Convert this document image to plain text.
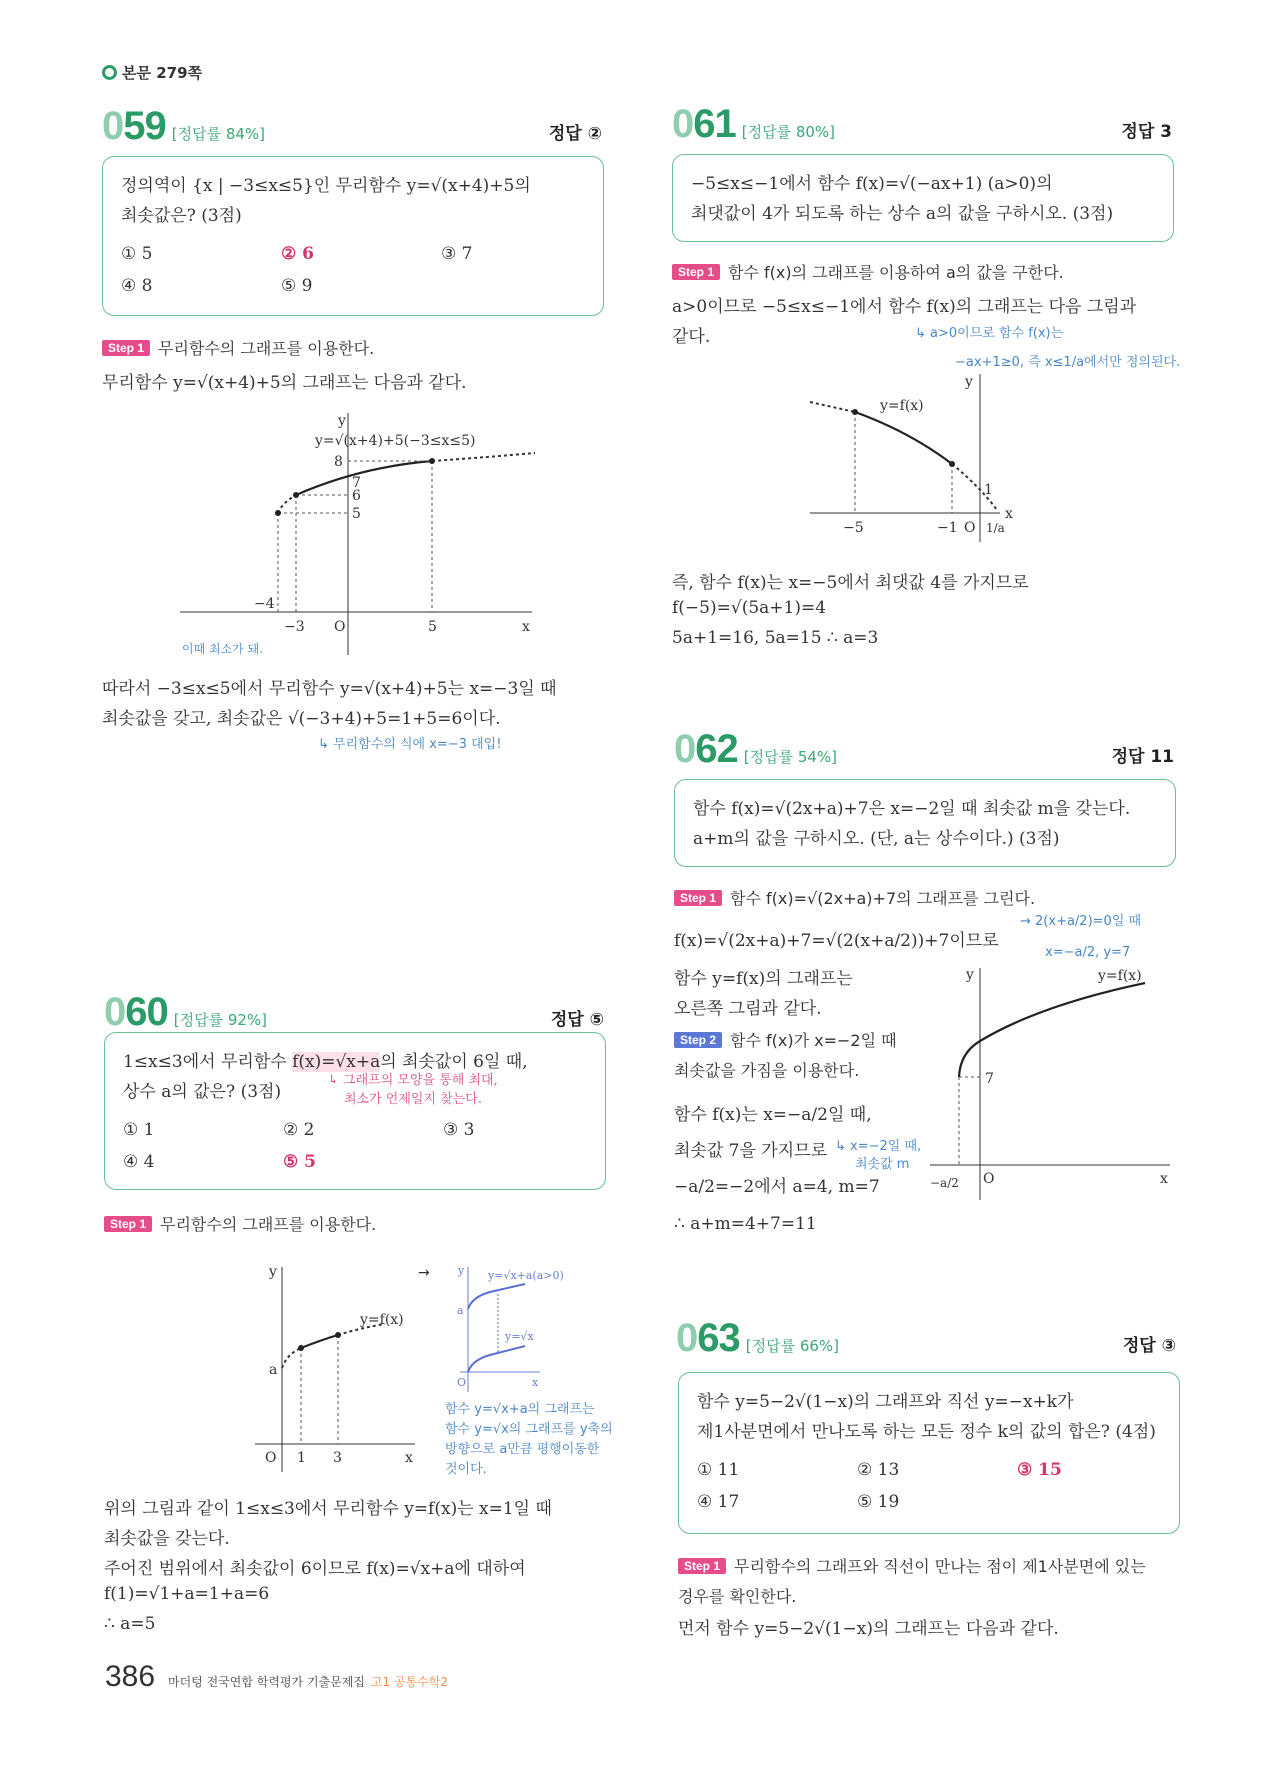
본문 279쪽
059 [정답률 84%]	정답 ②
정의역이 {x | −3≤x≤5}인 무리함수 y=√(x+4)+5의
최솟값은? (3점)
① 5	② 6	③ 7
④ 8	⑤ 9
Step 1 무리함수의 그래프를 이용한다.
무리함수 y=√(x+4)+5의 그래프는 다음과 같다.
y
x
O
y=√(x+4)+5(−3≤x≤5)
8
7
6
5
−4
−3	5
이때 최소가 돼.
따라서 −3≤x≤5에서 무리함수 y=√(x+4)+5는 x=−3일 때
최솟값을 갖고, 최솟값은 √(−3+4)+5=1+5=6이다.
↳ 무리함수의 식에 x=−3 대입!
060 [정답률 92%]	정답 ⑤
1≤x≤3에서 무리함수 f(x)=√x+a의 최솟값이 6일 때,
상수 a의 값은? (3점)
↳ 그래프의 모양을 통해 최대,
최소가 언제일지 찾는다.
① 1	② 2	③ 3
④ 4	⑤ 5
Step 1 무리함수의 그래프를 이용한다.
y
x
O
a
1 3
y=f(x)
→	y
x
O
a
y=√x+a(a>0)
y=√x
함수 y=√x+a의 그래프는
함수 y=√x의 그래프를 y축의
방향으로 a만큼 평행이동한
것이다.
위의 그림과 같이 1≤x≤3에서 무리함수 y=f(x)는 x=1일 때
최솟값을 갖는다.
주어진 범위에서 최솟값이 6이므로 f(x)=√x+a에 대하여
f(1)=√1+a=1+a=6
∴ a=5
061 [정답률 80%]	정답 3
−5≤x≤−1에서 함수 f(x)=√(−ax+1) (a>0)의
최댓값이 4가 되도록 하는 상수 a의 값을 구하시오. (3점)
Step 1 함수 f(x)의 그래프를 이용하여 a의 값을 구한다.
a>0이므로 −5≤x≤−1에서 함수 f(x)의 그래프는 다음 그림과
같다.	↳ a>0이므로 함수 f(x)는
−ax+1≥0, 즉 x≤1/a에서만 정의된다.
y
x
O
y=f(x)
1
−5	−1 1/a
즉, 함수 f(x)는 x=−5에서 최댓값 4를 가지므로
f(−5)=√(5a+1)=4
5a+1=16, 5a=15 ∴ a=3
062 [정답률 54%]	정답 11
함수 f(x)=√(2x+a)+7은 x=−2일 때 최솟값 m을 갖는다.
a+m의 값을 구하시오. (단, a는 상수이다.) (3점)
Step 1 함수 f(x)=√(2x+a)+7의 그래프를 그린다.
f(x)=√(2x+a)+7=√(2(x+a/2))+7이므로
→ 2(x+a/2)=0일 때
x=−a/2, y=7
함수 y=f(x)의 그래프는
오른쪽 그림과 같다.
Step 2 함수 f(x)가 x=−2일 때
최솟값을 가짐을 이용한다.
함수 f(x)는 x=−a/2일 때,
최솟값 7을 가지므로 ↳ x=−2일 때,
최솟값 m
−a/2=−2에서 a=4, m=7
∴ a+m=4+7=11
y
x
O
y=f(x)
7
−a/2
063 [정답률 66%]	정답 ③
함수 y=5−2√(1−x)의 그래프와 직선 y=−x+k가
제1사분면에서 만나도록 하는 모든 정수 k의 값의 합은? (4점)
① 11	② 13	③ 15
④ 17	⑤ 19
Step 1 무리함수의 그래프와 직선이 만나는 점이 제1사분면에 있는
경우를 확인한다.
먼저 함수 y=5−2√(1−x)의 그래프는 다음과 같다.
386 마더텅 전국연합 학력평가 기출문제집 고1 공통수학2
